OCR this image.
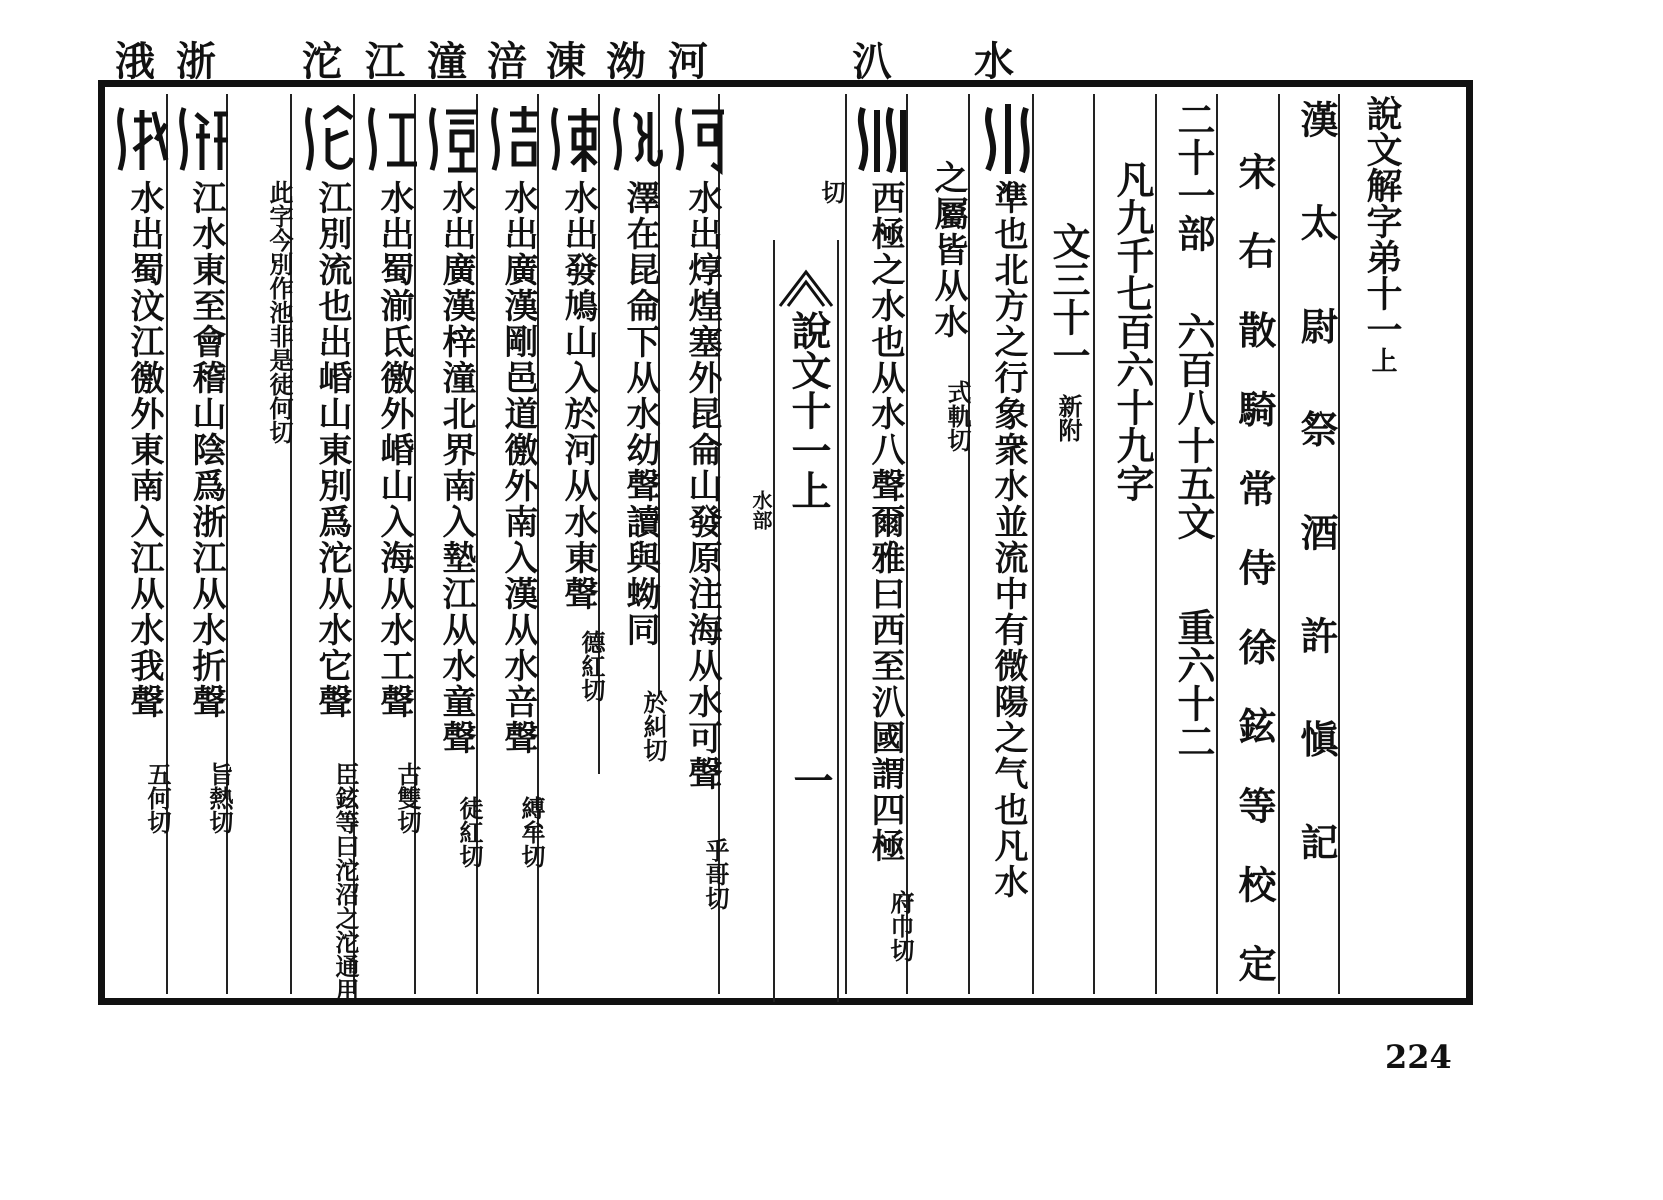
水
汃
河
泑
涷
涪
潼
江
沱
浙
涐
說文解字弟十一上
漢 太 尉 祭 酒 許 愼 記
宋 右 散 騎 常 侍 徐 鉉 等 校 定
二十一部六百八十五文重六十二
凡九千七百六十九字
文三十一新附
準也北方之行象衆水並流中有微陽之气也凡水
之屬皆从水
式軌切
西極之水也从水八聲爾雅曰西至汃國謂四極
府巾切
切
說文十一上
水部
一
水出焞煌塞外昆侖山發原注海从水可聲
乎哥切
澤在昆侖下从水幼聲讀與蚴同
於糾切
水出發鳩山入於河从水東聲
德紅切
水出廣漢剛邑道徼外南入漢从水咅聲
縛牟切
水出廣漢梓潼北界南入墊江从水童聲
徒紅切
水出蜀湔氐徼外崏山入海从水工聲
古雙切
江別流也出崏山東別爲沱从水它聲
臣鉉等曰沱沼之沱通用
此字今別作池非是徒何切
江水東至會稽山陰爲浙江从水折聲
旨熱切
水出蜀汶江徼外東南入江从水我聲
五何切
224
